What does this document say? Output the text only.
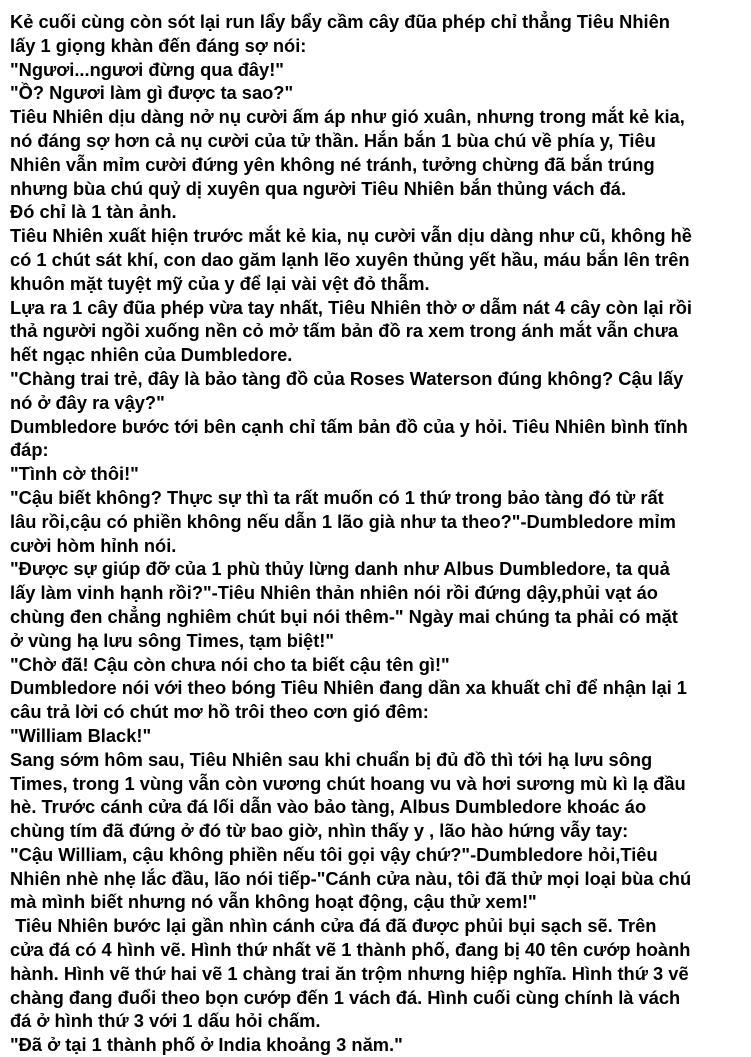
Kẻ cuối cùng còn sót lại run lẩy bẩy cầm cây đũa phép chỉ thẳng Tiêu Nhiên
lấy 1 giọng khàn đến đáng sợ nói:
"Ngươi...ngươi đừng qua đây!"
"Ồ? Ngươi làm gì được ta sao?"
Tiêu Nhiên dịu dàng nở nụ cười ấm áp như gió xuân, nhưng trong mắt kẻ kia,
nó đáng sợ hơn cả nụ cười của tử thần. Hắn bắn 1 bùa chú về phía y, Tiêu
Nhiên vẫn mỉm cười đứng yên không né tránh, tưởng chừng đã bắn trúng
nhưng bùa chú quỷ dị xuyên qua người Tiêu Nhiên bắn thủng vách đá.
Đó chỉ là 1 tàn ảnh.
Tiêu Nhiên xuất hiện trước mắt kẻ kia, nụ cười vẫn dịu dàng như cũ, không hề
có 1 chút sát khí, con dao găm lạnh lẽo xuyên thủng yết hầu, máu bắn lên trên
khuôn mặt tuyệt mỹ của y để lại vài vệt đỏ thẫm.
Lựa ra 1 cây đũa phép vừa tay nhất, Tiêu Nhiên thờ ơ dẫm nát 4 cây còn lại rồi
thả người ngồi xuống nền cỏ mở tấm bản đồ ra xem trong ánh mắt vẫn chưa
hết ngạc nhiên của Dumbledore.
"Chàng trai trẻ, đây là bảo tàng đồ của Roses Waterson đúng không? Cậu lấy
nó ở đây ra vậy?"
Dumbledore bước tới bên cạnh chỉ tấm bản đồ của y hỏi. Tiêu Nhiên bình tĩnh
đáp:
"Tình cờ thôi!"
"Cậu biết không? Thực sự thì ta rất muốn có 1 thứ trong bảo tàng đó từ rất
lâu rồi,cậu có phiền không nếu dẫn 1 lão già như ta theo?"-Dumbledore mỉm
cười hòm hỉnh nói.
"Được sự giúp đỡ của 1 phù thủy lừng danh như Albus Dumbledore, ta quả
lấy làm vinh hạnh rồi?"-Tiêu Nhiên thản nhiên nói rồi đứng dậy,phủi vạt áo
chùng đen chẳng nghiêm chút bụi nói thêm-" Ngày mai chúng ta phải có mặt
ở vùng hạ lưu sông Times, tạm biệt!"
"Chờ đã! Cậu còn chưa nói cho ta biết cậu tên gì!"
Dumbledore nói với theo bóng Tiêu Nhiên đang dần xa khuất chỉ để nhận lại 1
câu trả lời có chút mơ hồ trôi theo cơn gió đêm:
"William Black!"
Sang sớm hôm sau, Tiêu Nhiên sau khi chuẩn bị đủ đồ thì tới hạ lưu sông
Times, trong 1 vùng vẫn còn vương chút hoang vu và hơi sương mù kì lạ đầu
hè. Trước cánh cửa đá lối dẫn vào bảo tàng, Albus Dumbledore khoác áo
chùng tím đã đứng ở đó từ bao giờ, nhìn thấy y , lão hào hứng vẫy tay:
"Cậu William, cậu không phiền nếu tôi gọi vậy chứ?"-Dumbledore hỏi,Tiêu
Nhiên nhè nhẹ lắc đầu, lão nói tiếp-"Cánh cửa nàu, tôi đã thử mọi loại bùa chú
mà mình biết nhưng nó vẫn không hoạt động, cậu thử xem!"
Tiêu Nhiên bước lại gần nhìn cánh cửa đá đã được phủi bụi sạch sẽ. Trên
cửa đá có 4 hình vẽ. Hình thứ nhất vẽ 1 thành phố, đang bị 40 tên cướp hoành
hành. Hình vẽ thứ hai vẽ 1 chàng trai ăn trộm nhưng hiệp nghĩa. Hình thứ 3 vẽ
chàng đang đuổi theo bọn cướp đến 1 vách đá. Hình cuối cùng chính là vách
đá ở hình thứ 3 với 1 dấu hỏi chấm.
"Đã ở tại 1 thành phố ở India khoảng 3 năm."
